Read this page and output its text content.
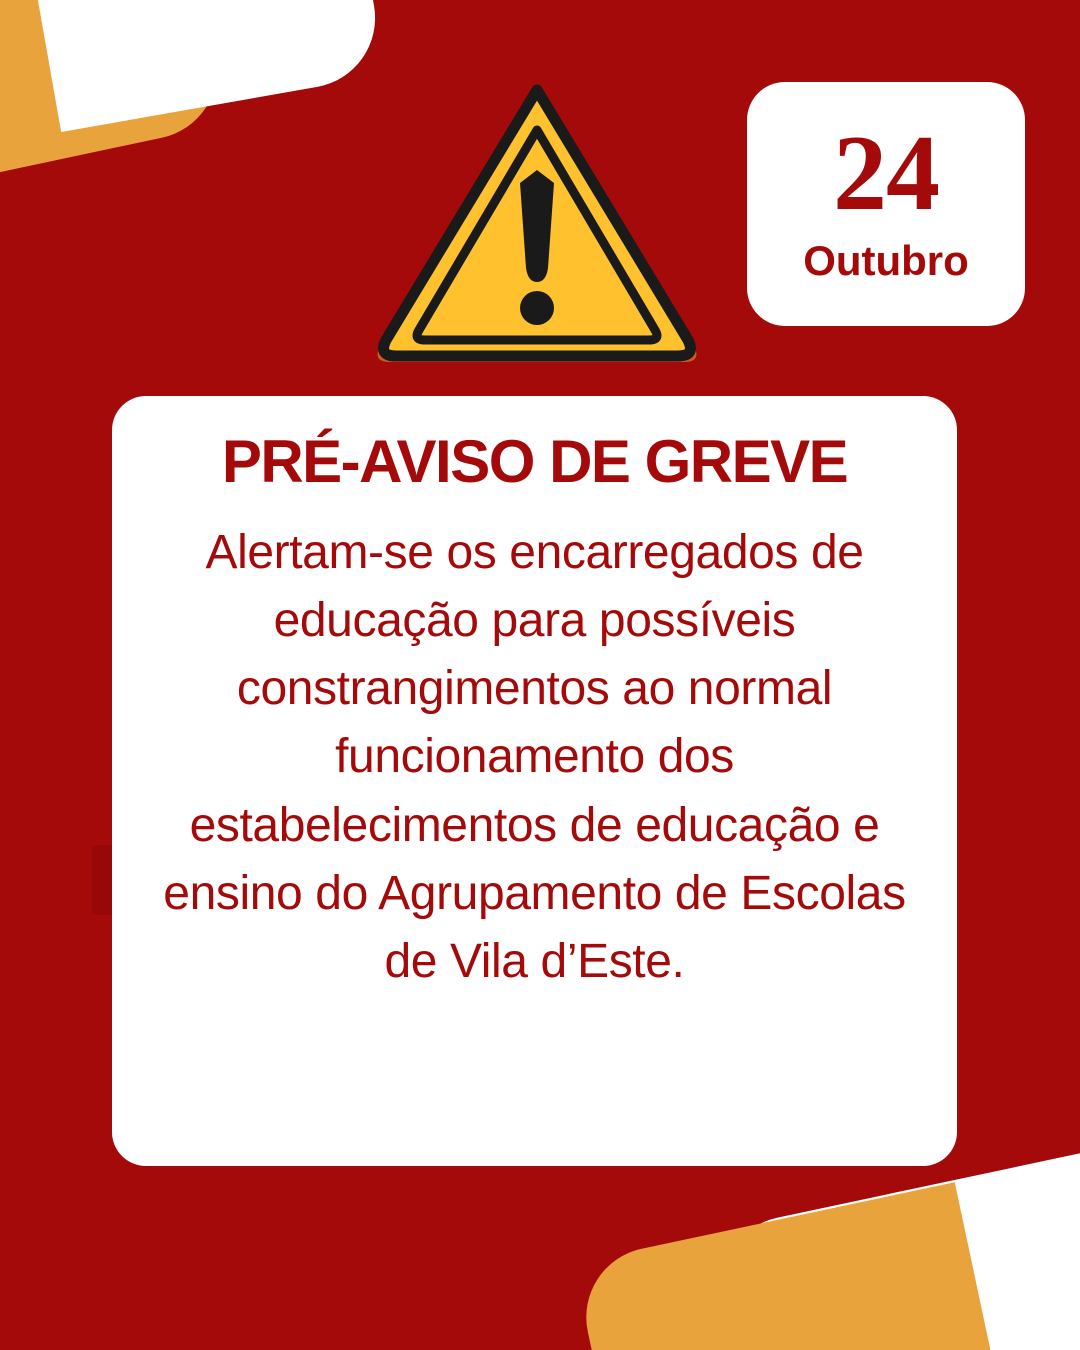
24
Outubro
PRÉ-AVISO DE GREVE
Alertam-se os encarregados de educação para possíveis constrangimentos ao normal funcionamento dos estabelecimentos de educação e ensino do Agrupamento de Escolas de Vila d’Este.
